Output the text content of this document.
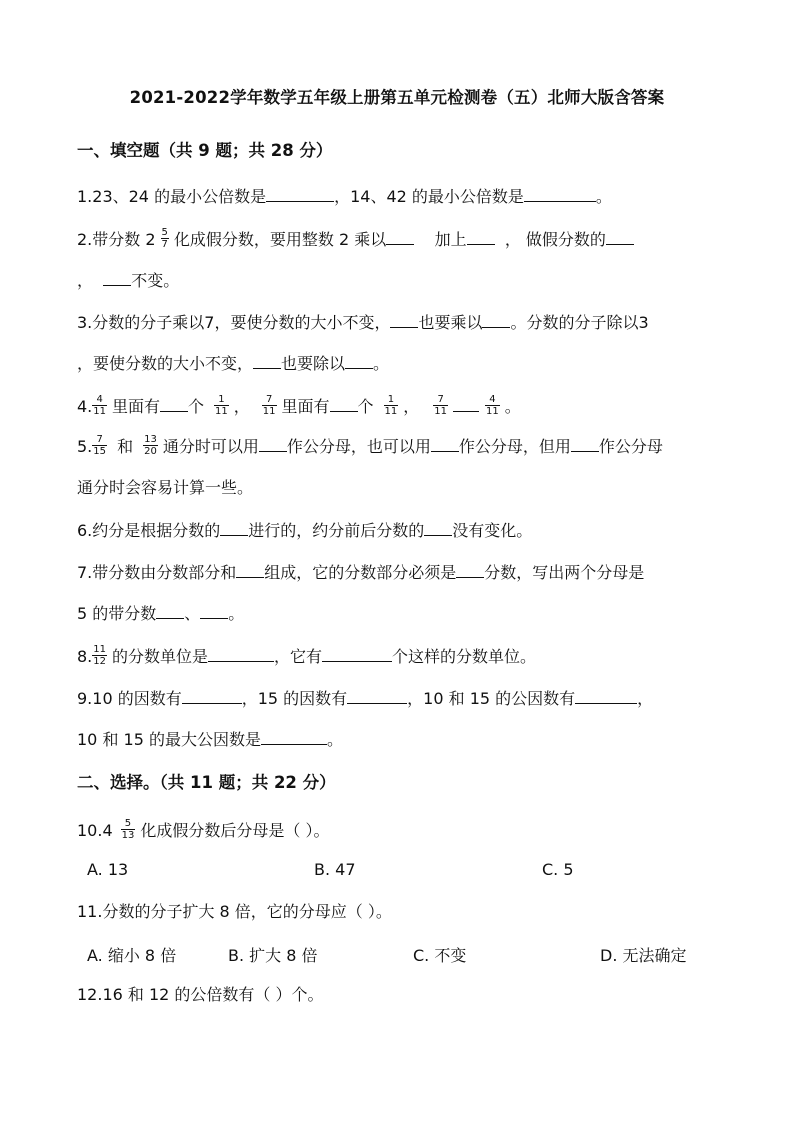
2021-2022学年数学五年级上册第五单元检测卷（五）北师大版含答案
一、填空题（共 9 题；共 28 分）
1.23、24 的最小公倍数是	，14、42 的最小公倍数是	。
2.带分数 $2 \frac{5}{7}$ 化成假分数，要用整数 2 乘以	加上 ， 做假分数的
， 不变。
3.分数的分子乘以7，要使分数的大小不变， 也要乘以 。分数的分子除以3
，要使分数的大小不变， 也要除以 。
4. $\frac{4}{11}$ 里面有 个 $\frac{1}{11}$ ， $\frac{7}{11}$ 里面有 个 $\frac{1}{11}$ ， $\frac{7}{11}$	$\frac{4}{11}$ 。
5. $\frac{7}{15}$ 和 $\frac{13}{20}$ 通分时可以用 作公分母，也可以用 作公分母，但用 作公分母
通分时会容易计算一些。
6.约分是根据分数的 进行的，约分前后分数的 没有变化。
7.带分数由分数部分和 组成，它的分数部分必须是 分数，写出两个分母是
5 的带分数 、 。
8. $\frac{11}{12}$ 的分数单位是	，它有	个这样的分数单位。
9.10 的因数有	，15 的因数有	，10 和 15 的公因数有	，
10 和 15 的最大公因数是	。
二、选择。（共 11 题；共 22 分）
$10.4 \frac{5}{13}$ 化成假分数后分母是（ ）。
A. 13	B. 47	C. 5
11.分数的分子扩大 8 倍，它的分母应（ ）。
A. 缩小 8 倍	B. 扩大 8 倍	C. 不变	D. 无法确定
12.16 和 12 的公倍数有（ ）个。
